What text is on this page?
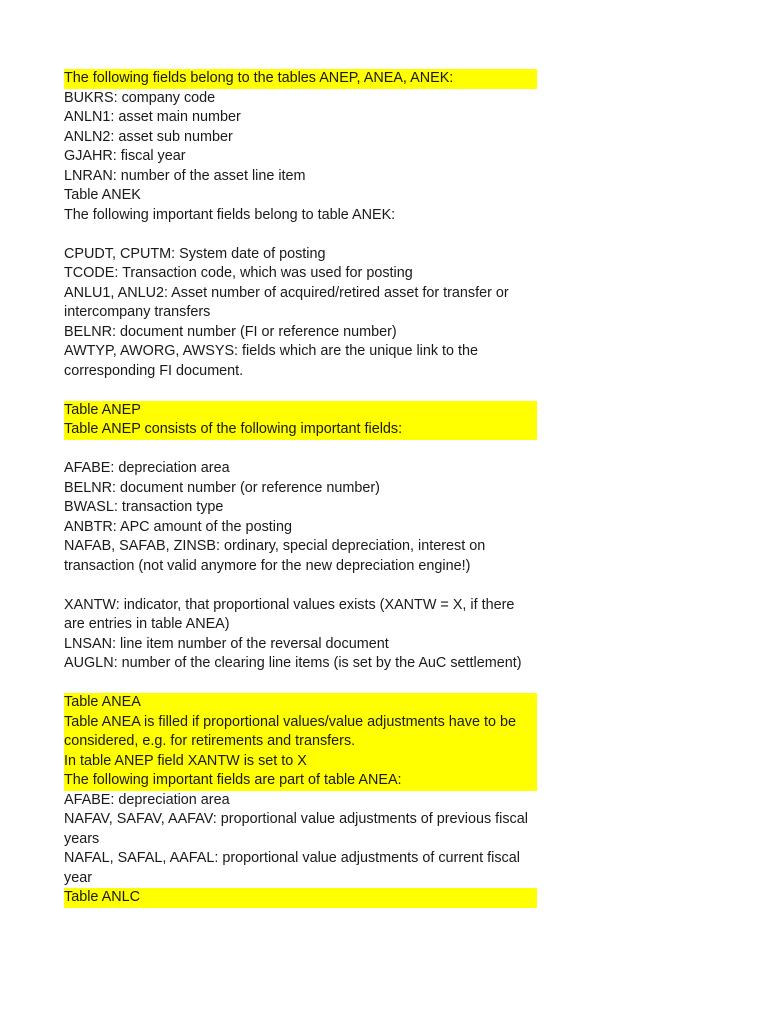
The following fields belong to the tables ANEP, ANEA, ANEK:
BUKRS: company code
ANLN1: asset main number
ANLN2: asset sub number
GJAHR: fiscal year
LNRAN: number of the asset line item
Table ANEK
The following important fields belong to table ANEK:
CPUDT, CPUTM: System date of posting
TCODE: Transaction code, which was used for posting
ANLU1, ANLU2: Asset number of acquired/retired asset for transfer or intercompany transfers
BELNR: document number (FI or reference number)
AWTYP, AWORG, AWSYS: fields which are the unique link to the corresponding FI document.
Table ANEP
Table ANEP consists of the following important fields:
AFABE: depreciation area
BELNR: document number (or reference number)
BWASL: transaction type
ANBTR: APC amount of the posting
NAFAB, SAFAB, ZINSB: ordinary, special depreciation, interest on transaction (not valid anymore for the new depreciation engine!)
XANTW: indicator, that proportional values exists (XANTW = X, if there are entries in table ANEA)
LNSAN: line item number of the reversal document
AUGLN: number of the clearing line items (is set by the AuC settlement)
Table ANEA
Table ANEA is filled if proportional values/value adjustments have to be considered, e.g. for retirements and transfers.
In table ANEP field XANTW is set to X
The following important fields are part of table ANEA:
AFABE: depreciation area
NAFAV, SAFAV, AAFAV: proportional value adjustments of previous fiscal years
NAFAL, SAFAL, AAFAL: proportional value adjustments of current fiscal year
Table ANLC
